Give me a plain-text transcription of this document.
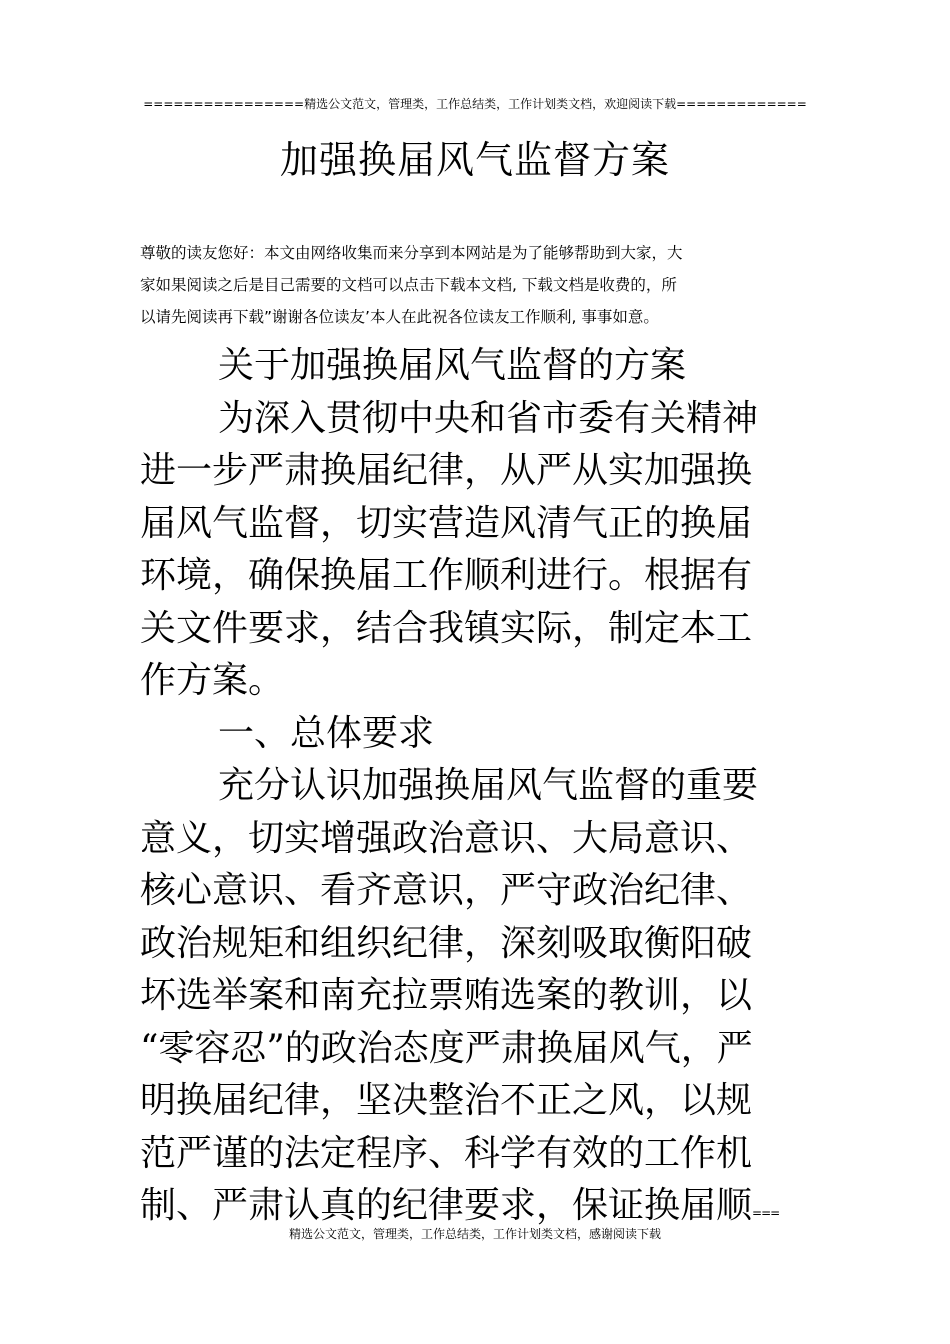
================精选公文范文，管理类，工作总结类，工作计划类文档，欢迎阅读下载=============
加强换届风气监督方案
尊敬的读友您好：本文由网络收集而来分享到本网站是为了能够帮助到大家，大
家如果阅读之后是目己需要的文档可以点击下载本文档, 下载文档是收费的，所
以请先阅读再下载”谢谢各位读友’本人在此祝各位读友工作顺利, 事事如意。
关于加强换届风气监督的方案
为深入贯彻中央和省市委有关精神
进一步严肃换届纪律，从严从实加强换
届风气监督，切实营造风清气正的换届
环境，确保换届工作顺利进行。根据有
关文件要求，结合我镇实际，制定本工
作方案。
一、总体要求
充分认识加强换届风气监督的重要
意义，切实增强政治意识、大局意识、
核心意识、看齐意识，严守政治纪律、
政治规矩和组织纪律，深刻吸取衡阳破
坏选举案和南充拉票贿选案的教训，以
“零容忍”的政治态度严肃换届风气，严
明换届纪律，坚决整治不正之风，以规
范严谨的法定程序、科学有效的工作机
制、严肃认真的纪律要求，保证换届顺===
精选公文范文，管理类，工作总结类，工作计划类文档，感谢阅读下载
